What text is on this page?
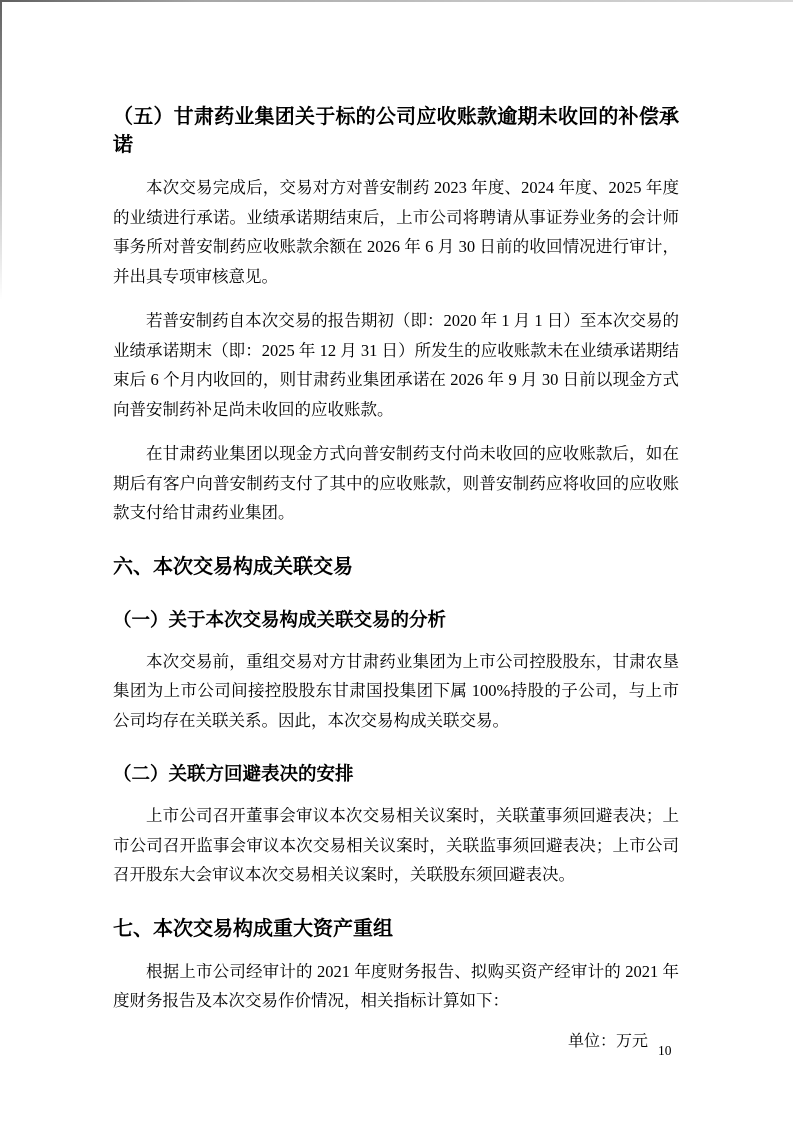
（五）甘肃药业集团关于标的公司应收账款逾期未收回的补偿承诺

本次交易完成后，交易对方对普安制药 2023 年度、2024 年度、2025 年度的业绩进行承诺。业绩承诺期结束后，上市公司将聘请从事证券业务的会计师事务所对普安制药应收账款余额在 2026 年 6 月 30 日前的收回情况进行审计，并出具专项审核意见。

若普安制药自本次交易的报告期初（即：2020 年 1 月 1 日）至本次交易的业绩承诺期末（即：2025 年 12 月 31 日）所发生的应收账款未在业绩承诺期结束后 6 个月内收回的，则甘肃药业集团承诺在 2026 年 9 月 30 日前以现金方式向普安制药补足尚未收回的应收账款。

在甘肃药业集团以现金方式向普安制药支付尚未收回的应收账款后，如在期后有客户向普安制药支付了其中的应收账款，则普安制药应将收回的应收账款支付给甘肃药业集团。

六、本次交易构成关联交易
（一）关于本次交易构成关联交易的分析

本次交易前，重组交易对方甘肃药业集团为上市公司控股股东，甘肃农垦集团为上市公司间接控股股东甘肃国投集团下属 100%持股的子公司，与上市公司均存在关联关系。因此，本次交易构成关联交易。

（二）关联方回避表决的安排

上市公司召开董事会审议本次交易相关议案时，关联董事须回避表决；上市公司召开监事会审议本次交易相关议案时，关联监事须回避表决；上市公司召开股东大会审议本次交易相关议案时，关联股东须回避表决。

七、本次交易构成重大资产重组

根据上市公司经审计的 2021 年度财务报告、拟购买资产经审计的 2021 年度财务报告及本次交易作价情况，相关指标计算如下：

单位：万元
10
